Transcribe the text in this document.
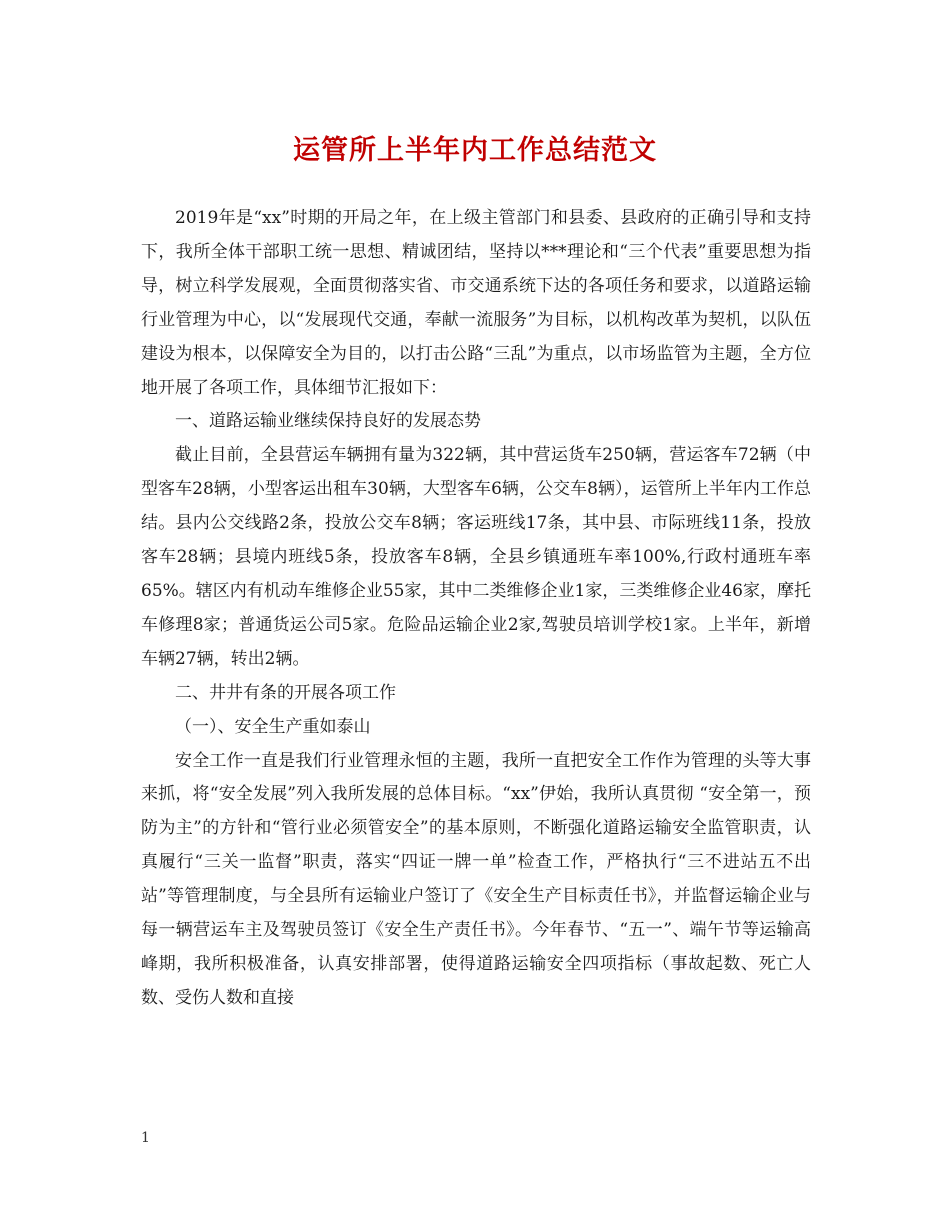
运管所上半年内工作总结范文

2019年是“xx”时期的开局之年，在上级主管部门和县委、县政府的正确引导和支持下，我所全体干部职工统一思想、精诚团结，坚持以***理论和“三个代表”重要思想为指导，树立科学发展观，全面贯彻落实省、市交通系统下达的各项任务和要求，以道路运输行业管理为中心，以“发展现代交通，奉献一流服务”为目标，以机构改革为契机，以队伍建设为根本，以保障安全为目的，以打击公路“三乱”为重点，以市场监管为主题，全方位地开展了各项工作，具体细节汇报如下：

一、道路运输业继续保持良好的发展态势

截止目前，全县营运车辆拥有量为322辆，其中营运货车250辆，营运客车72辆（中型客车28辆，小型客运出租车30辆，大型客车6辆，公交车8辆），运管所上半年内工作总结。县内公交线路2条，投放公交车8辆；客运班线17条，其中县、市际班线11条，投放客车28辆；县境内班线5条，投放客车8辆，全县乡镇通班车率100%,行政村通班车率65%。辖区内有机动车维修企业55家，其中二类维修企业1家，三类维修企业46家，摩托车修理8家；普通货运公司5家。危险品运输企业2家,驾驶员培训学校1家。上半年，新增车辆27辆，转出2辆。

二、井井有条的开展各项工作

（一）、安全生产重如泰山

安全工作一直是我们行业管理永恒的主题，我所一直把安全工作作为管理的头等大事来抓，将“安全发展”列入我所发展的总体目标。“xx”伊始，我所认真贯彻 “安全第一，预防为主”的方针和“管行业必须管安全”的基本原则，不断强化道路运输安全监管职责，认真履行“三关一监督”职责，落实“四证一牌一单”检查工作，严格执行“三不进站五不出站”等管理制度，与全县所有运输业户签订了《安全生产目标责任书》，并监督运输企业与每一辆营运车主及驾驶员签订《安全生产责任书》。今年春节、“五一”、端午节等运输高峰期，我所积极准备，认真安排部署，使得道路运输安全四项指标（事故起数、死亡人数、受伤人数和直接

1
